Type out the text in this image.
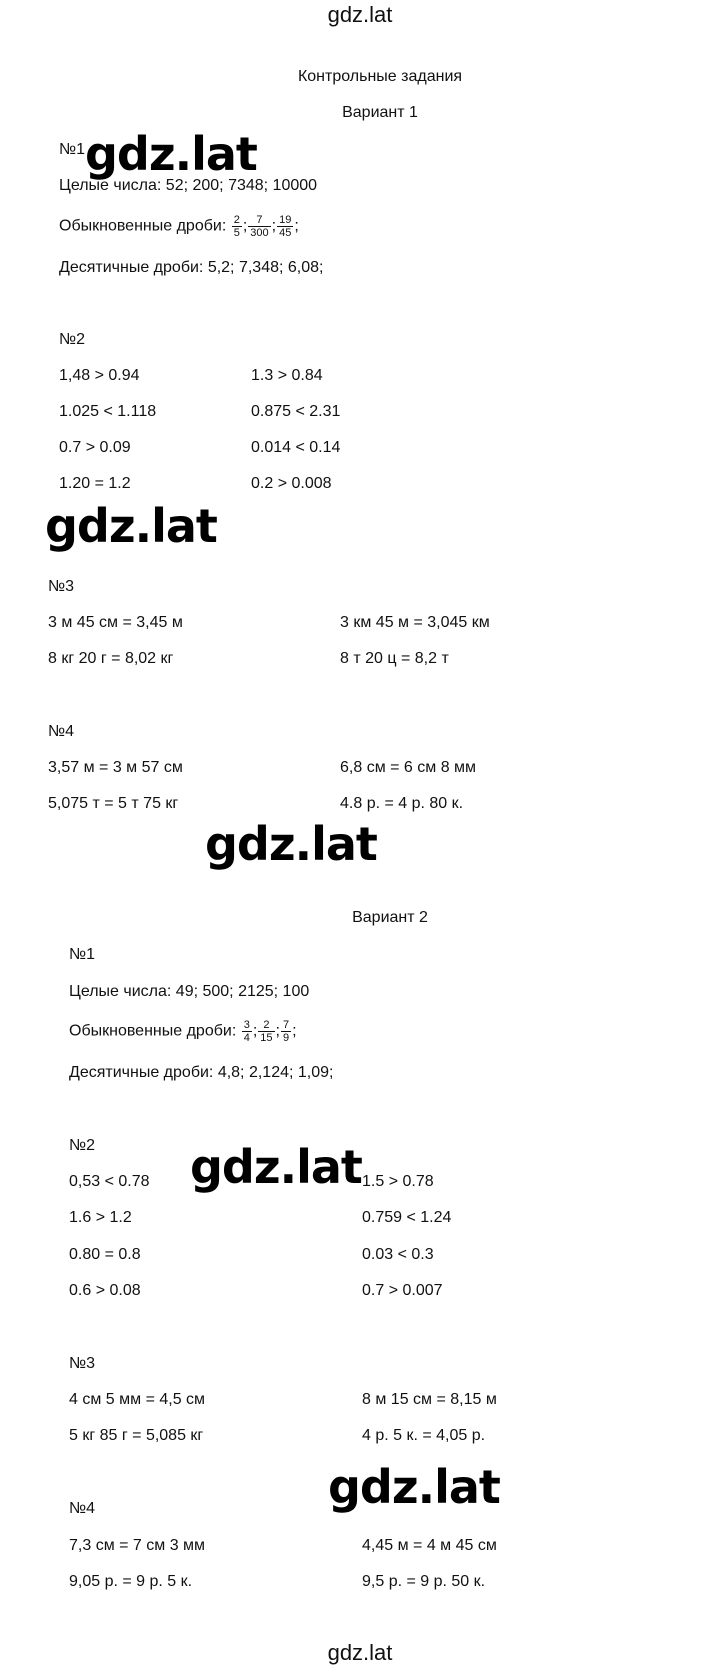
gdz.lat
Контрольные задания
Вариант 1
№1
Целые числа: 52; 200; 7348; 10000
Обыкновенные дроби: $\frac{2}{5}$ ; $\frac{7}{300}$ ; $\frac{19}{45}$ ;
Десятичные дроби: 5,2; 7,348; 6,08;
№2
1,48 > 0.94	1.3 > 0.84
1.025 < 1.118	0.875 < 2.31
0.7 > 0.09	0.014 < 0.14
1.20 = 1.2	0.2 > 0.008
№3
3 м 45 см = 3,45 м	3 км 45 м = 3,045 км
8 кг 20 г = 8,02 кг	8 т 20 ц = 8,2 т
№4
3,57 м = 3 м 57 см	6,8 см = 6 см 8 мм
5,075 т = 5 т 75 кг	4.8 р. = 4 р. 80 к.
Вариант 2
№1
Целые числа: 49; 500; 2125; 100
Обыкновенные дроби: $\frac{3}{4}$ ; $\frac{2}{15}$ ; $\frac{7}{9}$ ;
Десятичные дроби: 4,8; 2,124; 1,09;
№2
0,53 < 0.78	1.5 > 0.78
1.6 > 1.2	0.759 < 1.24
0.80 = 0.8	0.03 < 0.3
0.6 > 0.08	0.7 > 0.007
№3
4 см 5 мм = 4,5 см	8 м 15 см = 8,15 м
5 кг 85 г = 5,085 кг	4 р. 5 к. = 4,05 р.
№4
7,3 см = 7 см 3 мм	4,45 м = 4 м 45 см
9,05 р. = 9 р. 5 к.	9,5 р. = 9 р. 50 к.
gdz.lat
gdz.lat
gdz.lat
gdz.lat
gdz.lat
gdz.lat
